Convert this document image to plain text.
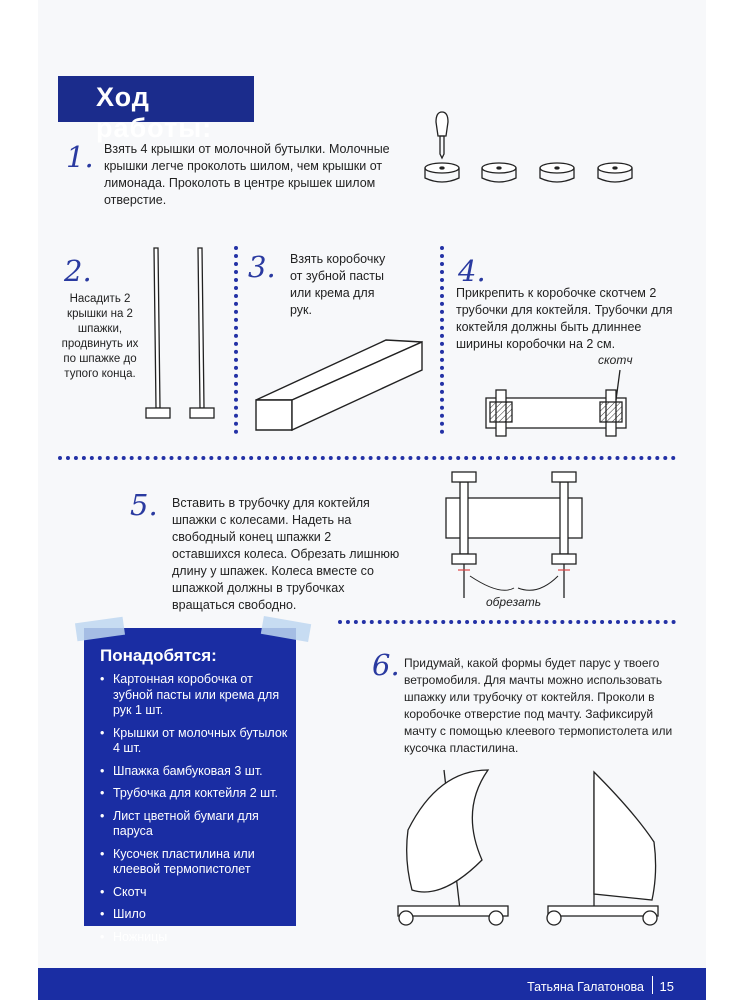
Ход работы:
1. Взять 4 крышки от молочной бутылки. Молочные крышки легче проколоть шилом, чем крышки от лимонада. Проколоть в центре крышек шилом отверстие.
2.
Насадить 2 крышки на 2 шпажки, продвинуть их по шпажке до тупого конца.
3. Взять коробочку от зубной пасты или крема для рук.
4.
Прикрепить к коробочке скотчем 2 трубочки для коктейля. Трубочки для коктейля должны быть длиннее ширины коробочки на 2 см.
скотч
5. Вставить в трубочку для коктейля шпажки с колесами. Надеть на свободный конец шпажки 2 оставшихся колеса. Обрезать лишнюю длину у шпажек. Колеса вместе со шпажкой должны в трубочках вращаться свободно.	обрезать
Понадобятся:
• Картонная коробочка от зубной пасты или крема для рук 1 шт.
• Крышки от молочных бутылок 4 шт.
• Шпажка бамбуковая 3 шт.
• Трубочка для коктейля 2 шт.
• Лист цветной бумаги для паруса
• Кусочек пластилина или клеевой термопистолет
• Скотч
• Шило
• Ножницы
6. Придумай, какой формы будет парус у твоего ветромобиля. Для мачты можно использовать шпажку или трубочку от коктейля. Проколи в коробочке отверстие под мачту. Зафиксируй мачту с помощью клеевого термопистолета или кусочка пластилина.
Татьяна Галатонова 15
